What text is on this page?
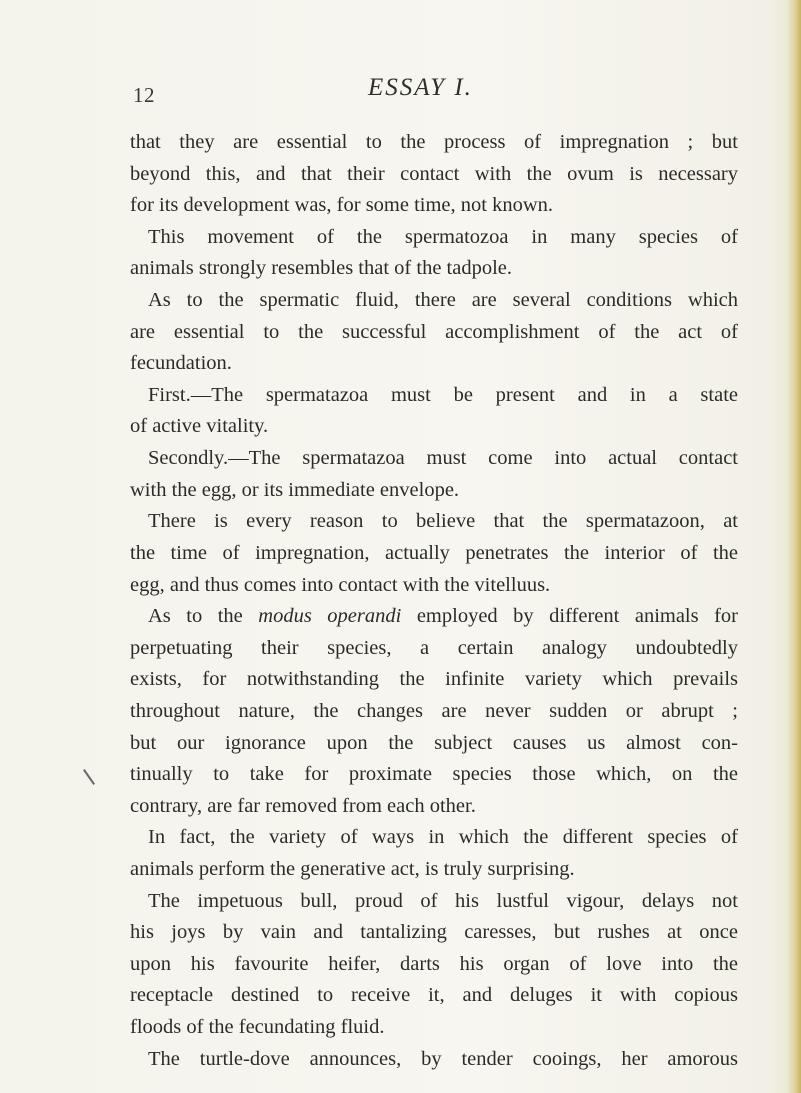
12	ESSAY I.
that they are essential to the process of impregnation ; but
beyond this, and that their contact with the ovum is necessary
for its development was, for some time, not known.
This movement of the spermatozoa in many species of
animals strongly resembles that of the tadpole.
As to the spermatic fluid, there are several conditions which
are essential to the successful accomplishment of the act of
fecundation.
First.—The spermatazoa must be present and in a state
of active vitality.
Secondly.—The spermatazoa must come into actual contact
with the egg, or its immediate envelope.
There is every reason to believe that the spermatazoon, at
the time of impregnation, actually penetrates the interior of the
egg, and thus comes into contact with the vitelluus.
As to the modus operandi employed by different animals for
perpetuating their species, a certain analogy undoubtedly
exists, for notwithstanding the infinite variety which prevails
throughout nature, the changes are never sudden or abrupt ;
but our ignorance upon the subject causes us almost con-
tinually to take for proximate species those which, on the
contrary, are far removed from each other.
In fact, the variety of ways in which the different species of
animals perform the generative act, is truly surprising.
The impetuous bull, proud of his lustful vigour, delays not
his joys by vain and tantalizing caresses, but rushes at once
upon his favourite heifer, darts his organ of love into the
receptacle destined to receive it, and deluges it with copious
floods of the fecundating fluid.
The turtle-dove announces, by tender cooings, her amorous
